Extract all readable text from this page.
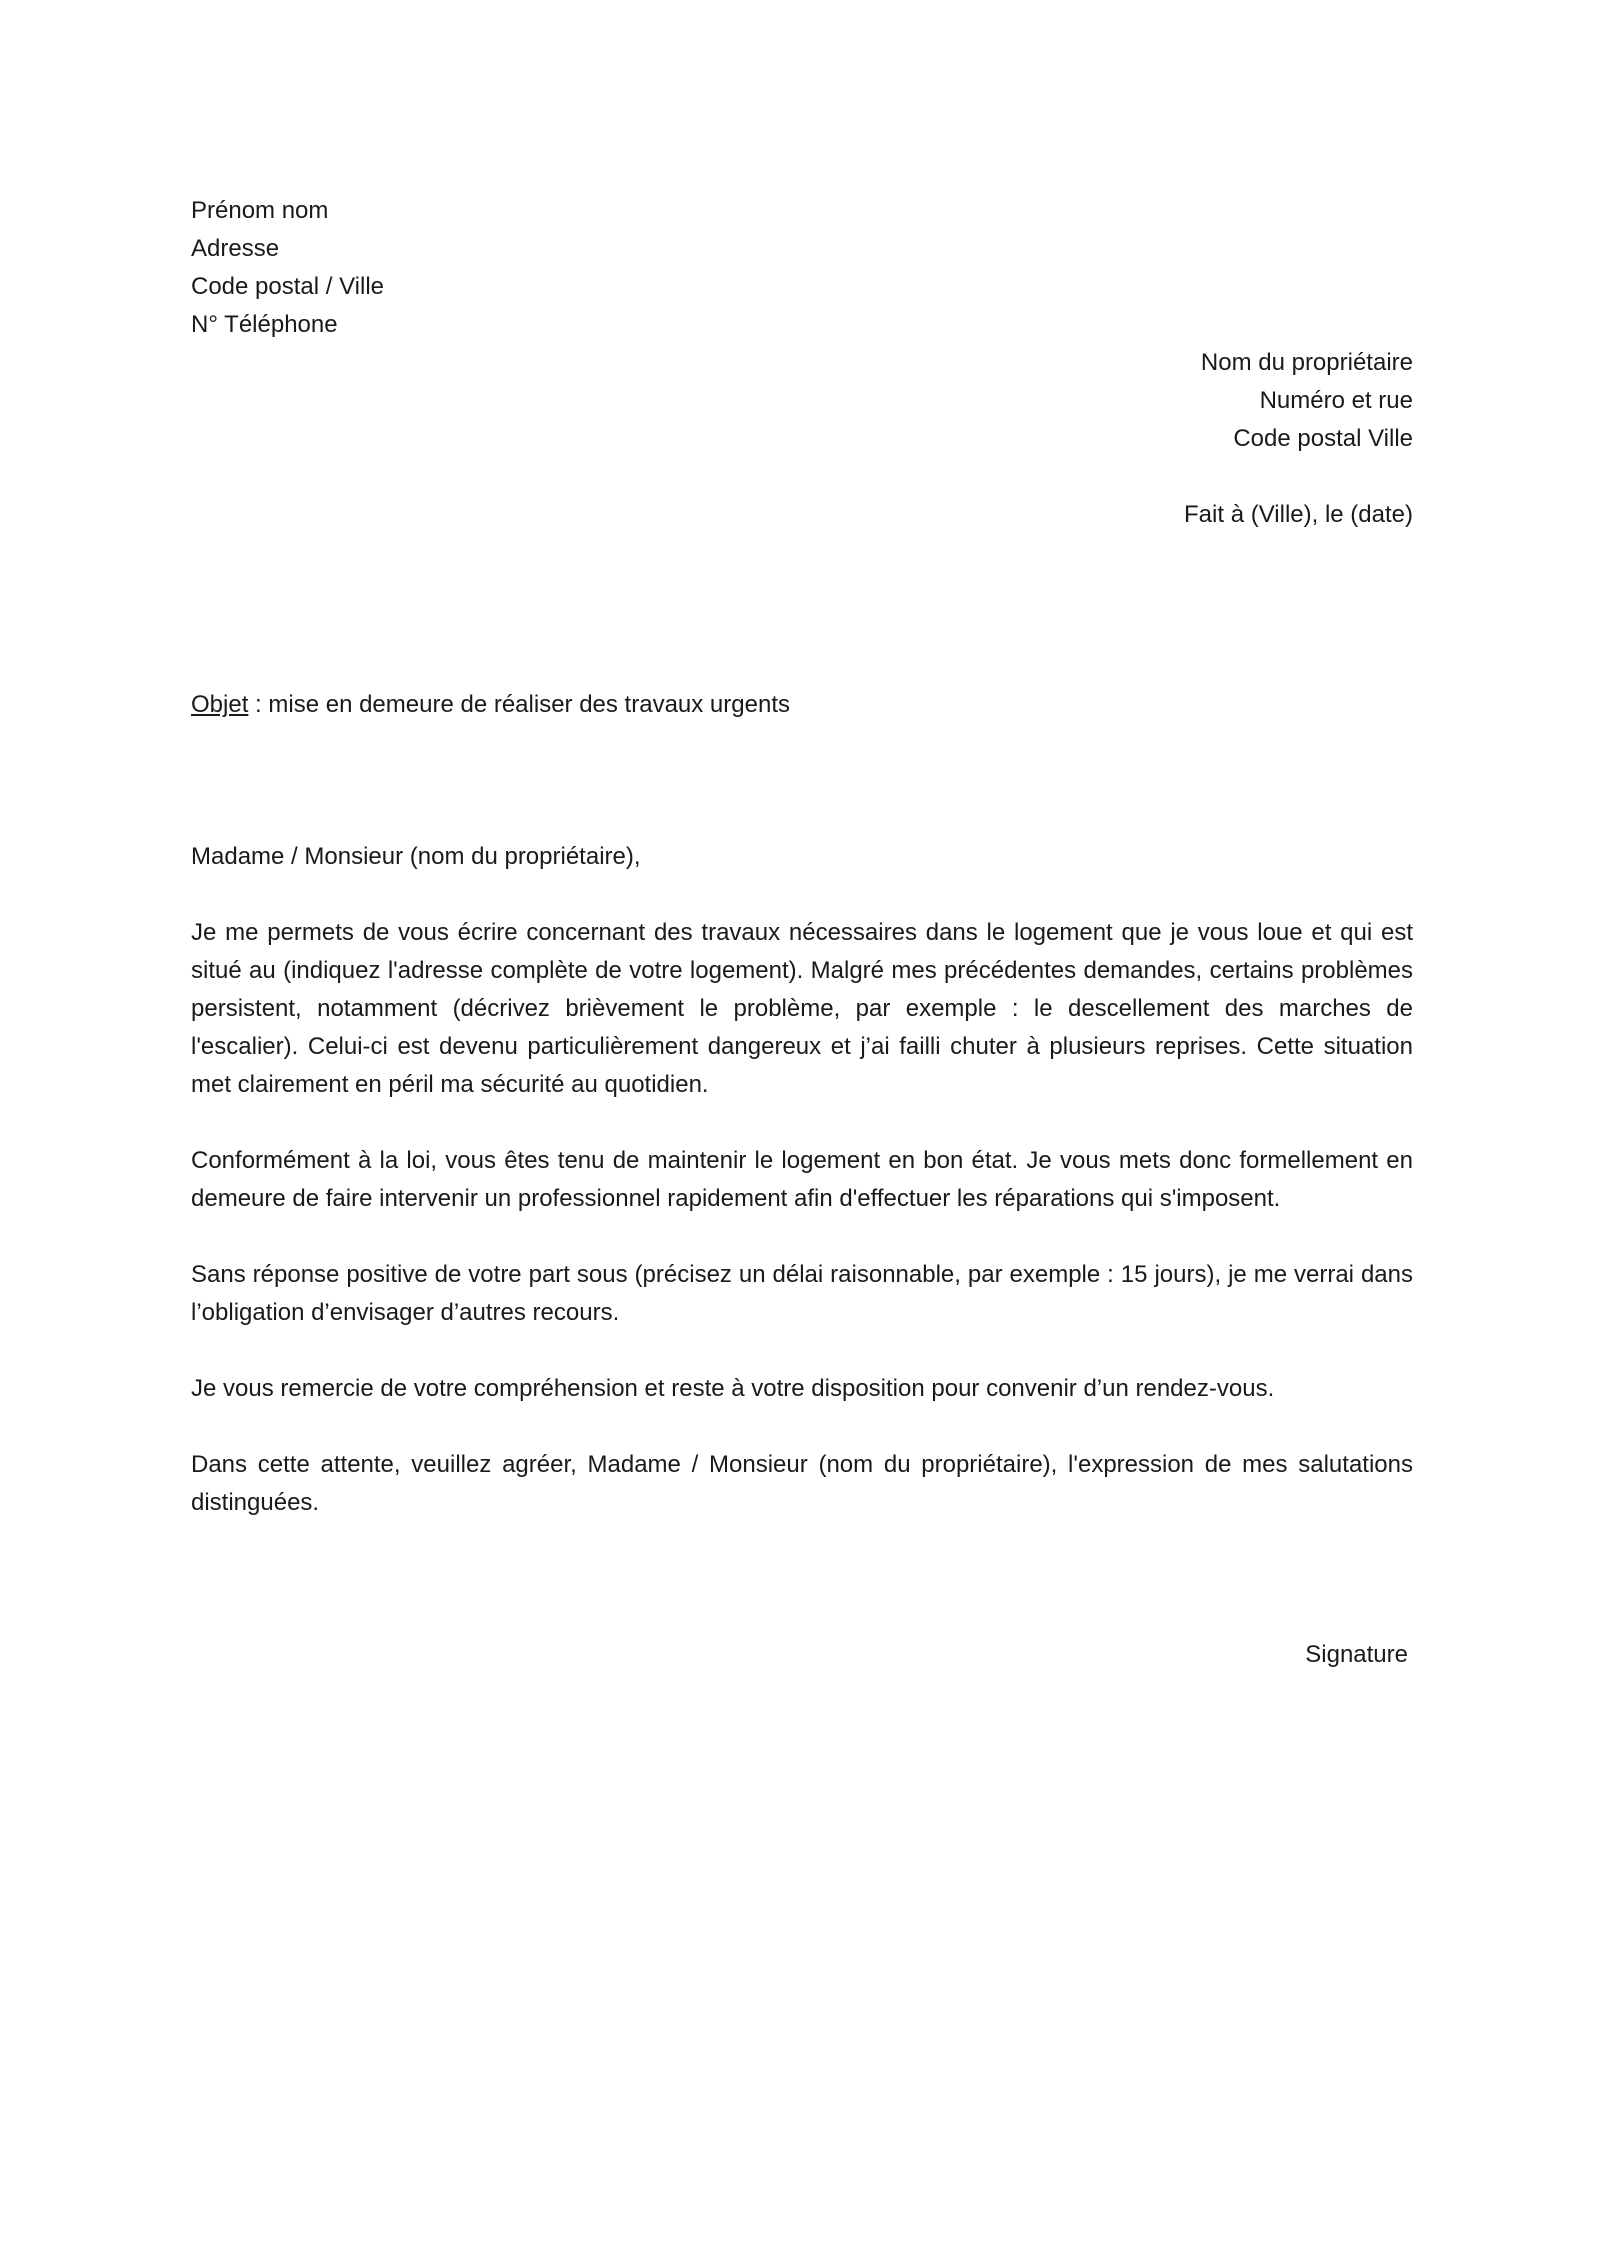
Prénom nom
Adresse
Code postal / Ville
N° Téléphone
Nom du propriétaire
Numéro et rue
Code postal Ville
Fait à (Ville), le (date)
Objet : mise en demeure de réaliser des travaux urgents
Madame / Monsieur (nom du propriétaire),
Je me permets de vous écrire concernant des travaux nécessaires dans le logement que je vous loue et qui est situé au (indiquez l'adresse complète de votre logement). Malgré mes précédentes demandes, certains problèmes persistent, notamment (décrivez brièvement le problème, par exemple : le descellement des marches de l'escalier). Celui-ci est devenu particulièrement dangereux et j’ai failli chuter à plusieurs reprises. Cette situation met clairement en péril ma sécurité au quotidien.
Conformément à la loi, vous êtes tenu de maintenir le logement en bon état. Je vous mets donc formellement en demeure de faire intervenir un professionnel rapidement afin d'effectuer les réparations qui s'imposent.
Sans réponse positive de votre part sous (précisez un délai raisonnable, par exemple : 15 jours), je me verrai dans l’obligation d’envisager d’autres recours.
Je vous remercie de votre compréhension et reste à votre disposition pour convenir d’un rendez-vous.
Dans cette attente, veuillez agréer, Madame / Monsieur (nom du propriétaire), l'expression de mes salutations distinguées.
Signature
